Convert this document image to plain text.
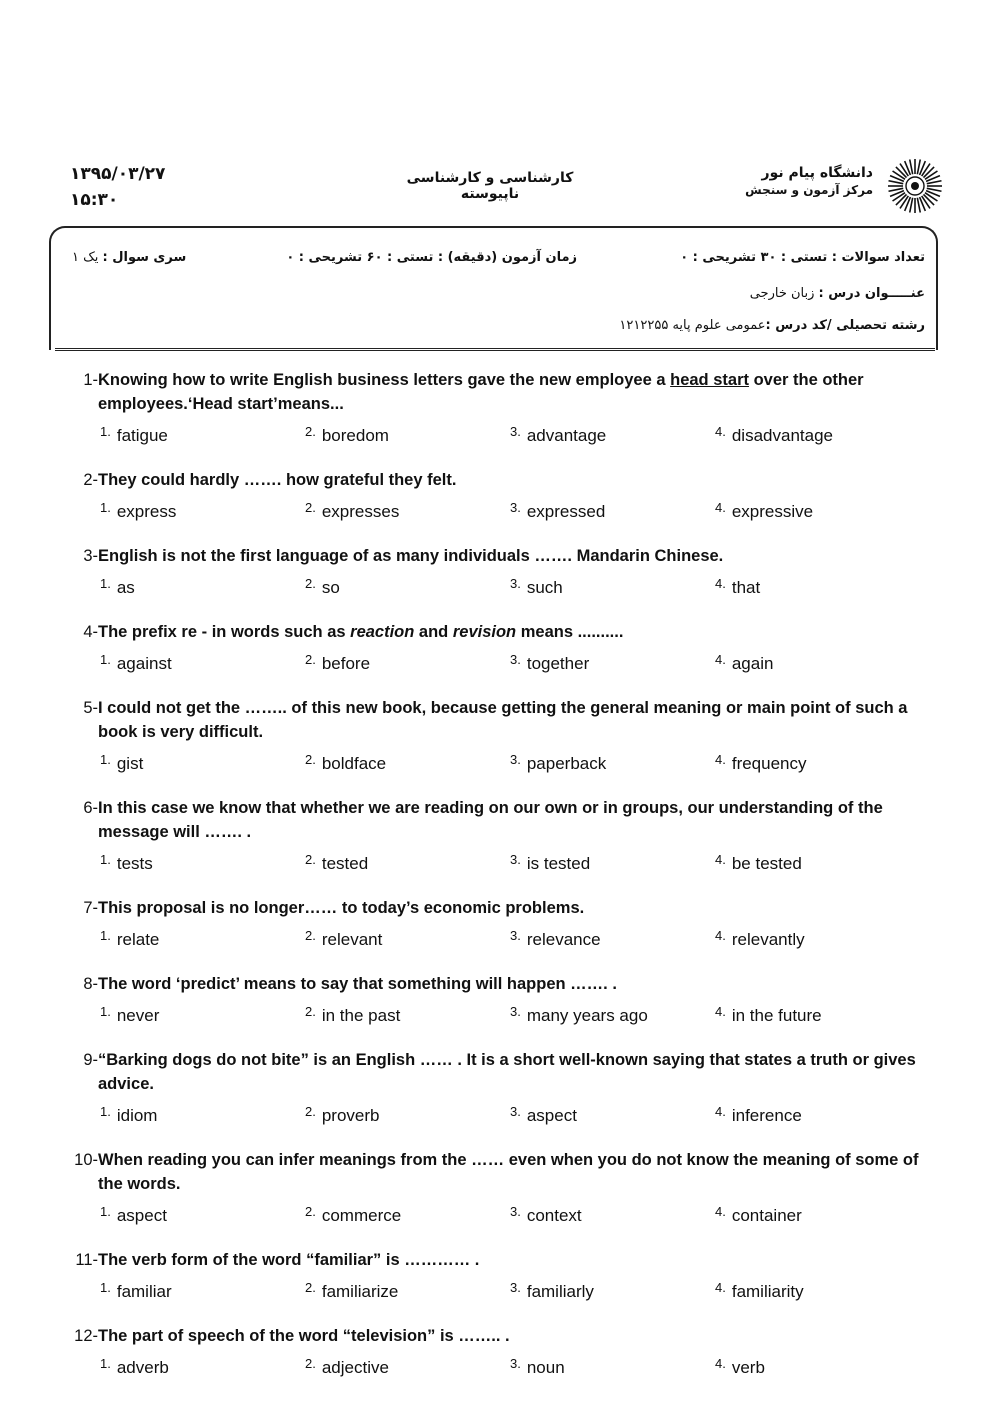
۱۳۹۵/۰۳/۲۷
۱۵:۳۰
کارشناسی و کارشناسی ناپیوسته
دانشگاه پیام نور
مرکز آزمون و سنجش
تعداد سوالات : تستی : ۳۰ تشریحی : ۰
زمان آزمون (دقیقه) : تستی : ۶۰ تشریحی : ۰
سری سوال : یک ۱
عنـــــوان درس : زبان خارجی
رشته تحصیلی /کد درس :عمومی علوم پایه ۱۲۱۲۲۵۵
1-Knowing how to write English business letters gave the new employee a head start over the other employees.‘Head start’means...
$^{1.}$ fatigue	$^{2.}$ boredom	$^{3.}$ advantage	$^{4.}$ disadvantage
2-They could hardly ……. how grateful they felt.
$^{1.}$ express	$^{2.}$ expresses	$^{3.}$ expressed	$^{4.}$ expressive
3-English is not the first language of as many individuals ……. Mandarin Chinese.
$^{1.}$ as	$^{2.}$ so	$^{3.}$ such	$^{4.}$ that
4-The prefix re - in words such as reaction and revision means ..........
$^{1.}$ against	$^{2.}$ before	$^{3.}$ together	$^{4.}$ again
5-I could not get the …….. of this new book, because getting the general meaning or main point of such a book is very difficult.
$^{1.}$ gist	$^{2.}$ boldface	$^{3.}$ paperback	$^{4.}$ frequency
6-In this case we know that whether we are reading on our own or in groups, our understanding of the message will ……. .
$^{1.}$ tests	$^{2.}$ tested	$^{3.}$ is tested	$^{4.}$ be tested
7-This proposal is no longer…… to today’s economic problems.
$^{1.}$ relate	$^{2.}$ relevant	$^{3.}$ relevance	$^{4.}$ relevantly
8-The word ‘predict’ means to say that something will happen ……. .
$^{1.}$ never	$^{2.}$ in the past	$^{3.}$ many years ago	$^{4.}$ in the future
9-“Barking dogs do not bite” is an English …… . It is a short well-known saying that states a truth or gives advice.
$^{1.}$ idiom	$^{2.}$ proverb	$^{3.}$ aspect	$^{4.}$ inference
10-When reading you can infer meanings from the …… even when you do not know the meaning of some of the words.
$^{1.}$ aspect	$^{2.}$ commerce	$^{3.}$ context	$^{4.}$ container
11-The verb form of the word “familiar” is ………… .
$^{1.}$ familiar	$^{2.}$ familiarize	$^{3.}$ familiarly	$^{4.}$ familiarity
12-The part of speech of the word “television” is …….. .
$^{1.}$ adverb	$^{2.}$ adjective	$^{3.}$ noun	$^{4.}$ verb
